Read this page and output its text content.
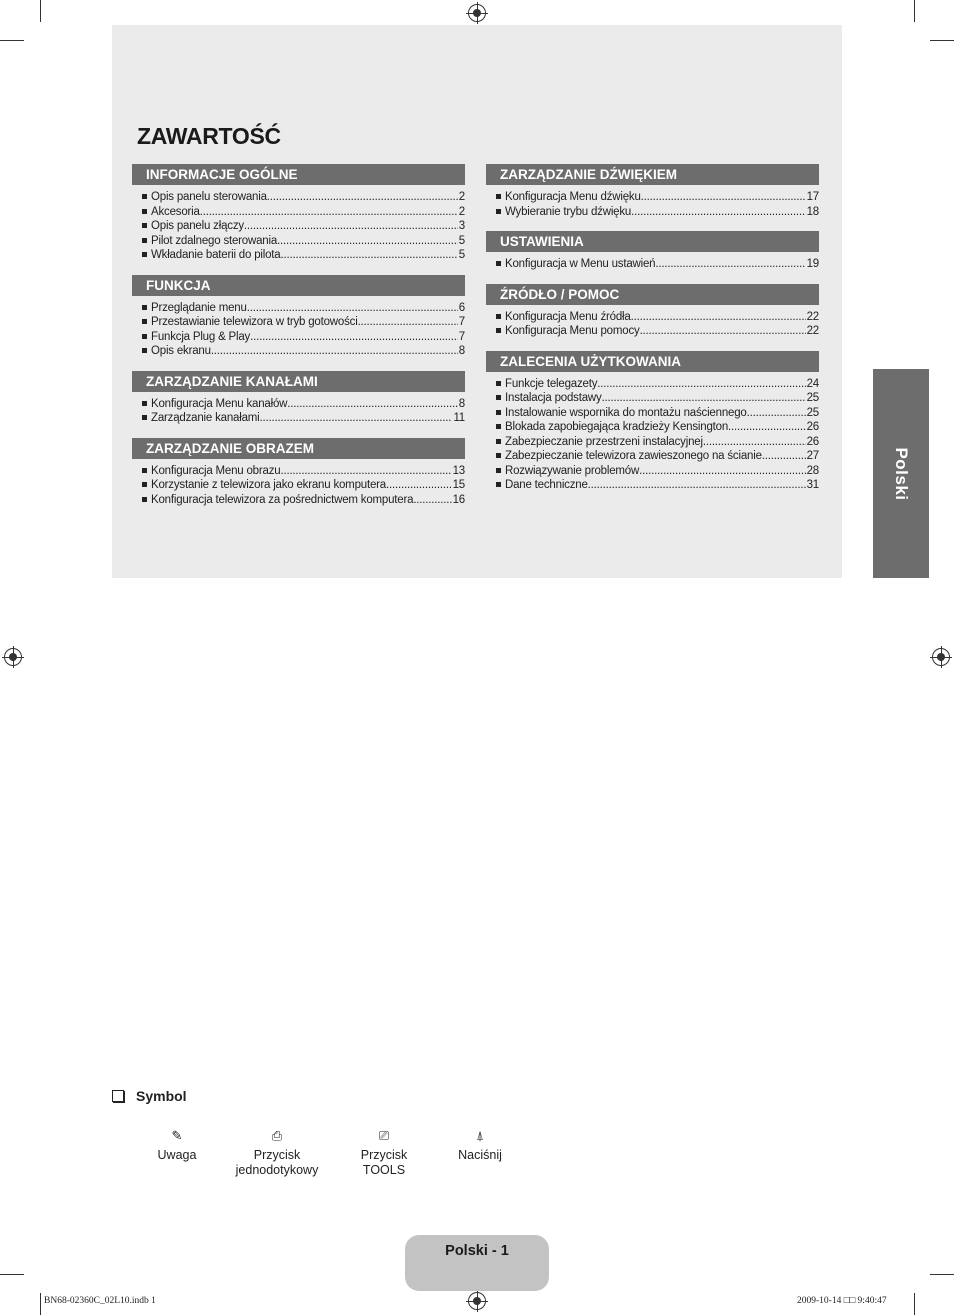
ZAWARTOŚĆ
INFORMACJE OGÓLNE
Opis panelu sterowania .....	2
Akcesoria .....	2
Opis panelu złączy .....	3
Pilot zdalnego sterowania .....	5
Wkładanie baterii do pilota .....	5
FUNKCJA
Przeglądanie menu .....	6
Przestawianie telewizora w tryb gotowości .....	7
Funkcja Plug & Play .....	7
Opis ekranu .....	8
ZARZĄDZANIE KANAŁAMI
Konfiguracja Menu kanałów .....	8
Zarządzanie kanałami .....	11
ZARZĄDZANIE OBRAZEM
Konfiguracja Menu obrazu .....	13
Korzystanie z telewizora jako ekranu komputera .....	15
Konfiguracja telewizora za pośrednictwem komputera .....	16
ZARZĄDZANIE DŹWIĘKIEM
Konfiguracja Menu dźwięku .....	17
Wybieranie trybu dźwięku .....	18
USTAWIENIA
Konfiguracja w Menu ustawień .....	19
ŹRÓDŁO / POMOC
Konfiguracja Menu źródła .....	22
Konfiguracja Menu pomocy .....	22
ZALECENIA UŻYTKOWANIA
Funkcje telegazety .....	24
Instalacja podstawy .....	25
Instalowanie wspornika do montażu naściennego .....	25
Blokada zapobiegająca kradzieży Kensington .....	26
Zabezpieczanie przestrzeni instalacyjnej .....	26
Zabezpieczanie telewizora zawieszonego na ścianie .....	27
Rozwiązywanie problemów .....	28
Dane techniczne .....	31	Polski
Symbol
✎
Uwaga
⎙
Przycisk jednodotykowy
⎚
Przycisk TOOLS
⍋
Naciśnij
Polski - 1
BN68-02360C_02L10.indb 1	2009-10-14 □□ 9:40:47
